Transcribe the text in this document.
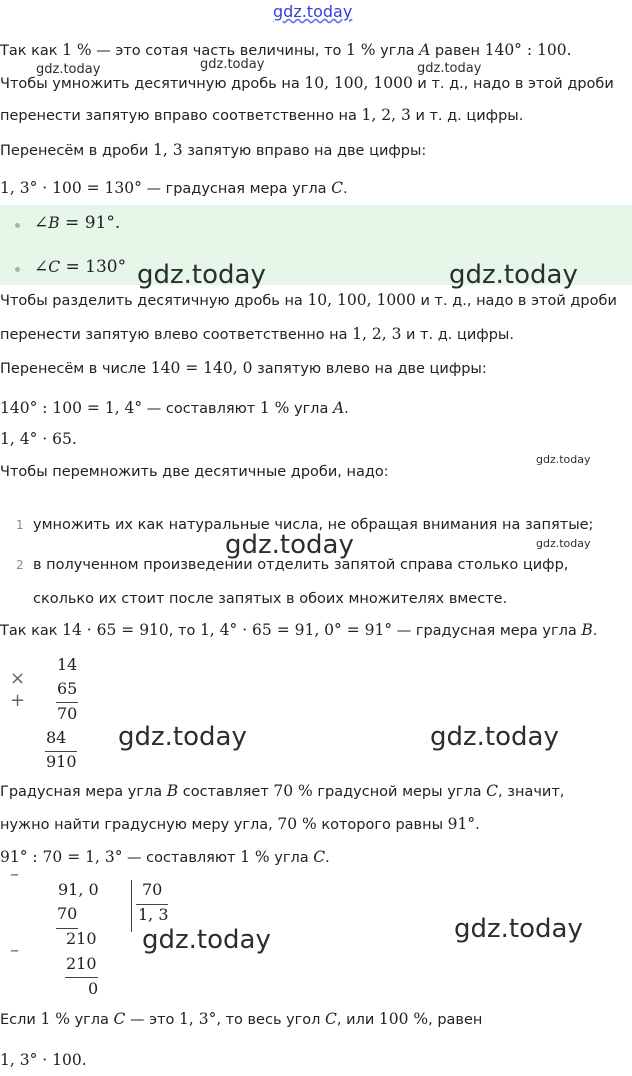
gdz.today
Так как 1 % — это сотая часть величины, то 1 % угла A равен 140° : 100.
Чтобы умножить десятичную дробь на 10, 100, 1000 и т. д., надо в этой дроби
перенести запятую вправо соответственно на 1, 2, 3 и т. д. цифры.
Перенесём в дроби 1, 3 запятую вправо на две цифры:
1, 3° · 100 = 130° — градусная мера угла C.
∠B = 91°.
∠C = 130°
Чтобы разделить десятичную дробь на 10, 100, 1000 и т. д., надо в этой дроби
перенести запятую влево соответственно на 1, 2, 3 и т. д. цифры.
Перенесём в числе 140 = 140, 0 запятую влево на две цифры:
140° : 100 = 1, 4° — составляют 1 % угла A.
1, 4° · 65.
Чтобы перемножить две десятичные дроби, надо:
1 умножить их как натуральные числа, не обращая внимания на запятые;
2 в полученном произведении отделить запятой справа столько цифр,
сколько их стоит после запятых в обоих множителях вместе.
Так как 14 · 65 = 910, то 1, 4° · 65 = 91, 0° = 91° — градусная мера угла B.
×
14
65
70
+
84
910
Градусная мера угла B составляет 70 % градусной меры угла C, значит,
нужно найти градусную меру угла, 70 % которого равны 91°.
91° : 70 = 1, 3° — составляют 1 % угла C.
–
91, 0	70
1, 3
70
210
–
210
0
Если 1 % угла C — это 1, 3°, то весь угол C, или 100 %, равен
1, 3° · 100.
gdz.today	gdz.today	gdz.today
gdz.today	gdz.today
gdz.today
gdz.today	gdz.today
gdz.today	gdz.today
gdz.today	gdz.today
